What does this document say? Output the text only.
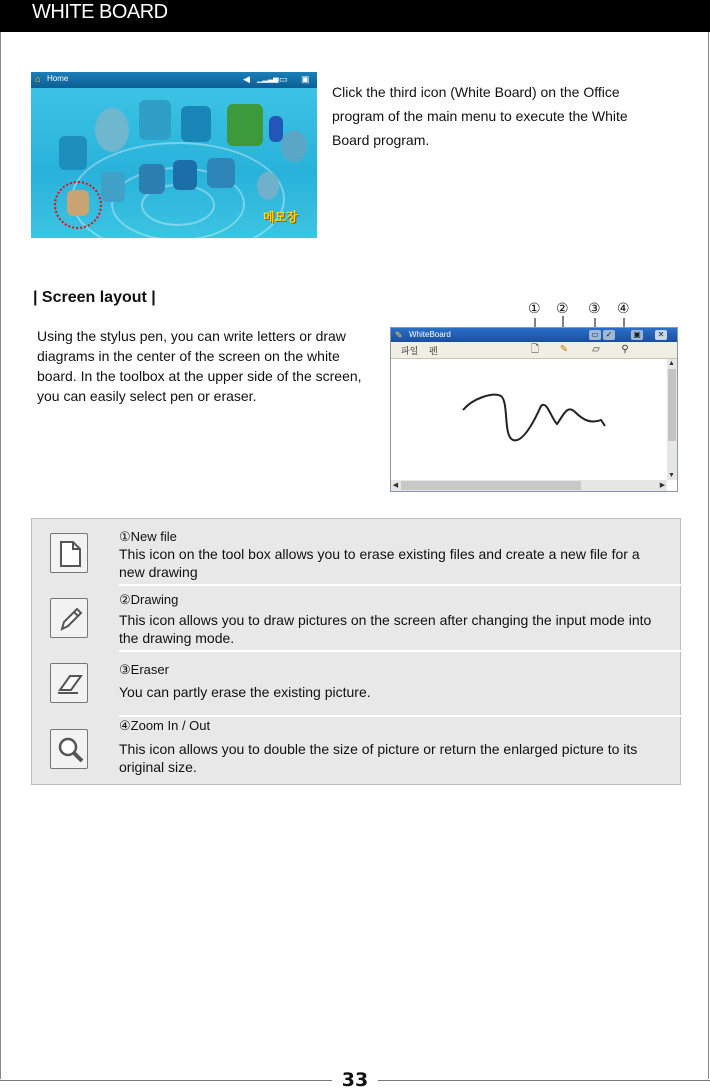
WHITE BOARD
33
⌂ Home	◀ ▁▂▃▅ ▭ ▣
메모장
Click the third icon (White Board) on the Office program of the main menu to execute the White Board program.
| Screen layout |
Using the stylus pen, you can write letters or draw diagrams in the center of the screen on the white board. In the toolbox at the upper side of the screen, you can easily select pen or eraser.
① ② ③ ④
✎ WhiteBoard	▭ ✓	▣	✕
파일 펜	🗋 ✎	▱	⚲
▲
▼
◀	▶
①New file
This icon on the tool box allows you to erase existing files and create a new file for a new drawing
②Drawing
This icon allows you to draw pictures on the screen after changing the input mode into the drawing mode.
③Eraser
You can partly erase the existing picture.
④Zoom In / Out
This icon allows you to double the size of picture or return the enlarged picture to its original size.
